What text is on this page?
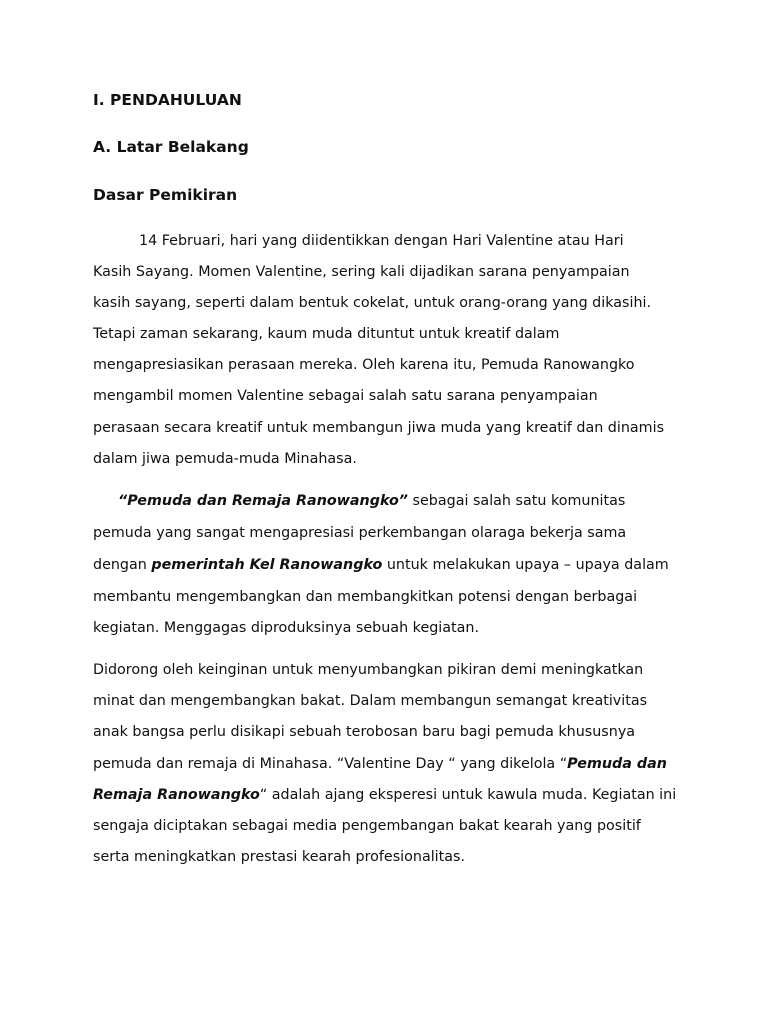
I. PENDAHULUAN
A. Latar Belakang
Dasar Pemikiran
14 Februari, hari yang diidentikkan dengan Hari Valentine atau Hari
Kasih Sayang. Momen Valentine, sering kali dijadikan sarana penyampaian
kasih sayang, seperti dalam bentuk cokelat, untuk orang-orang yang dikasihi.
Tetapi zaman sekarang, kaum muda dituntut untuk kreatif dalam
mengapresiasikan perasaan mereka. Oleh karena itu, Pemuda Ranowangko
mengambil momen Valentine sebagai salah satu sarana penyampaian
perasaan secara kreatif untuk membangun jiwa muda yang kreatif dan dinamis
dalam jiwa pemuda-muda Minahasa.
“Pemuda dan Remaja Ranowangko” sebagai salah satu komunitas
pemuda yang sangat mengapresiasi perkembangan olaraga bekerja sama
dengan pemerintah Kel Ranowangko untuk melakukan upaya – upaya dalam
membantu mengembangkan dan membangkitkan potensi dengan berbagai
kegiatan. Menggagas diproduksinya sebuah kegiatan.
Didorong oleh keinginan untuk menyumbangkan pikiran demi meningkatkan
minat dan mengembangkan bakat. Dalam membangun semangat kreativitas
anak bangsa perlu disikapi sebuah terobosan baru bagi pemuda khususnya
pemuda dan remaja di Minahasa. “Valentine Day “ yang dikelola “Pemuda dan
Remaja Ranowangko“ adalah ajang eksperesi untuk kawula muda. Kegiatan ini
sengaja diciptakan sebagai media pengembangan bakat kearah yang positif
serta meningkatkan prestasi kearah profesionalitas.
